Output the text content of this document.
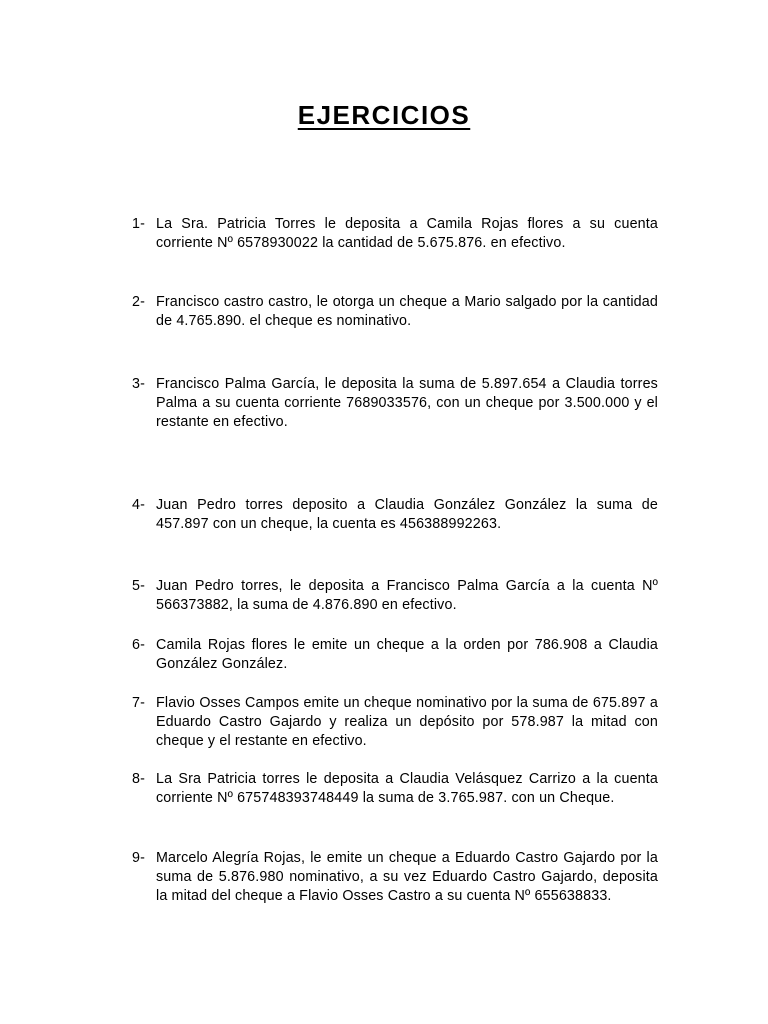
EJERCICIOS
1- La Sra. Patricia Torres le deposita a Camila Rojas flores a su cuenta corriente Nº 6578930022 la cantidad de 5.675.876. en efectivo.
2- Francisco castro castro, le otorga un cheque a Mario salgado por la cantidad de 4.765.890. el cheque es nominativo.
3- Francisco Palma García, le deposita la suma de 5.897.654 a Claudia torres Palma a su cuenta corriente 7689033576, con un cheque por 3.500.000 y el restante en efectivo.
4- Juan Pedro torres deposito a Claudia González González la suma de 457.897 con un cheque, la cuenta es 456388992263.
5- Juan Pedro torres, le deposita a Francisco Palma García a la cuenta Nº 566373882, la suma de 4.876.890 en efectivo.
6- Camila Rojas flores le emite un cheque a la orden por 786.908 a Claudia González González.
7- Flavio Osses Campos emite un cheque nominativo por la suma de 675.897 a Eduardo Castro Gajardo y realiza un depósito por 578.987 la mitad con cheque y el restante en efectivo.
8- La Sra Patricia torres le deposita a Claudia Velásquez Carrizo a la cuenta corriente Nº 675748393748449 la suma de 3.765.987. con un Cheque.
9- Marcelo Alegría Rojas, le emite un cheque a Eduardo Castro Gajardo por la suma de 5.876.980 nominativo, a su vez Eduardo Castro Gajardo, deposita la mitad del cheque a Flavio Osses Castro a su cuenta Nº 655638833.
